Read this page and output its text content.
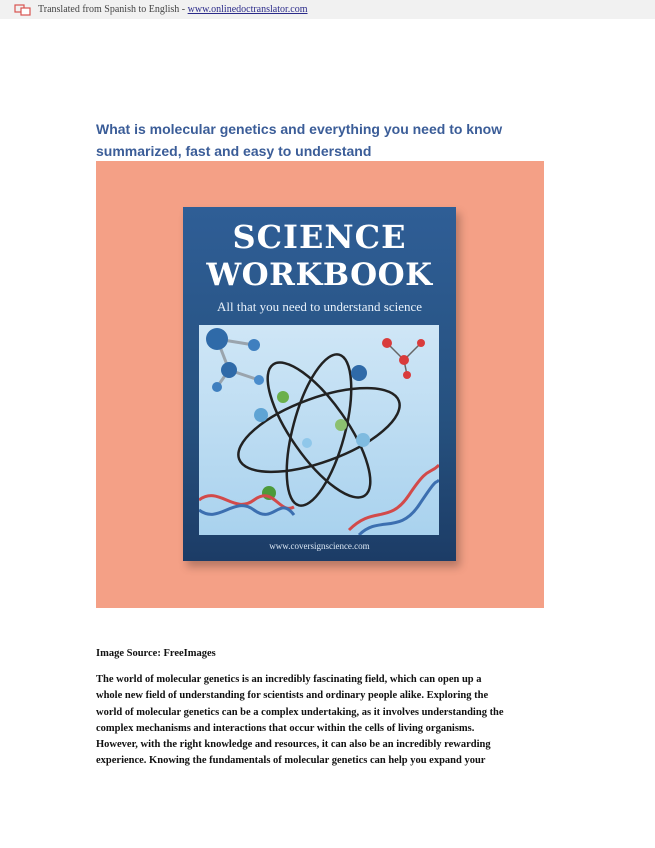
Translated from Spanish to English - www.onlinedoctranslator.com
What is molecular genetics and everything you need to know
summarized, fast and easy to understand
SCIENCE
WORKBOOK
All that you need to understand science
www.coversignscience.com
Image Source: FreeImages
The world of molecular genetics is an incredibly fascinating field, which can open up a
whole new field of understanding for scientists and ordinary people alike. Exploring the
world of molecular genetics can be a complex undertaking, as it involves understanding the
complex mechanisms and interactions that occur within the cells of living organisms.
However, with the right knowledge and resources, it can also be an incredibly rewarding
experience. Knowing the fundamentals of molecular genetics can help you expand your
